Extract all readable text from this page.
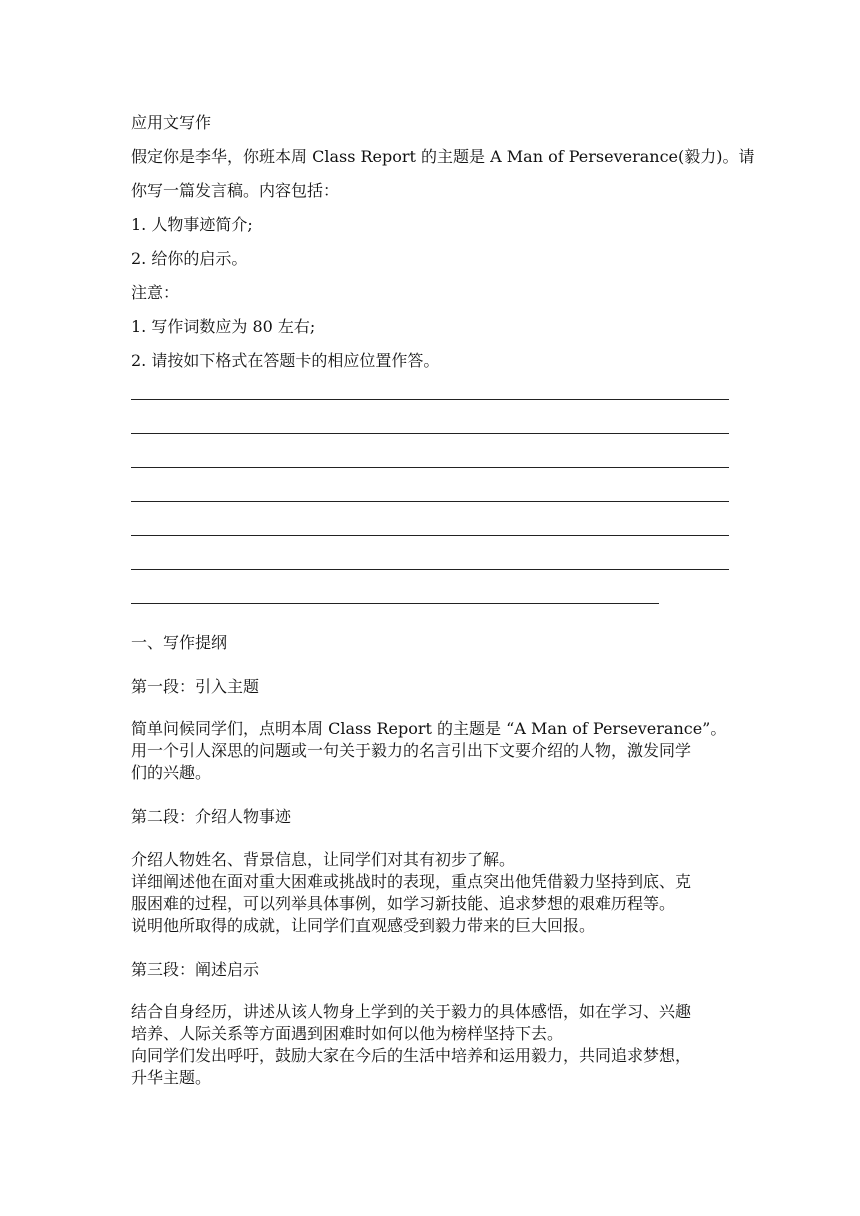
应用文写作
假定你是李华，你班本周 Class Report 的主题是 A Man of Perseverance(毅力)。请
你写一篇发言稿。内容包括：
1. 人物事迹简介;
2. 给你的启示。
注意：
1. 写作词数应为 80 左右;
2. 请按如下格式在答题卡的相应位置作答。
一、写作提纲
第一段：引入主题
简单问候同学们，点明本周 Class Report 的主题是 “A Man of Perseverance”。
用一个引人深思的问题或一句关于毅力的名言引出下文要介绍的人物，激发同学
们的兴趣。
第二段：介绍人物事迹
介绍人物姓名、背景信息，让同学们对其有初步了解。
详细阐述他在面对重大困难或挑战时的表现，重点突出他凭借毅力坚持到底、克
服困难的过程，可以列举具体事例，如学习新技能、追求梦想的艰难历程等。
说明他所取得的成就，让同学们直观感受到毅力带来的巨大回报。
第三段：阐述启示
结合自身经历，讲述从该人物身上学到的关于毅力的具体感悟，如在学习、兴趣
培养、人际关系等方面遇到困难时如何以他为榜样坚持下去。
向同学们发出呼吁，鼓励大家在今后的生活中培养和运用毅力，共同追求梦想，
升华主题。
